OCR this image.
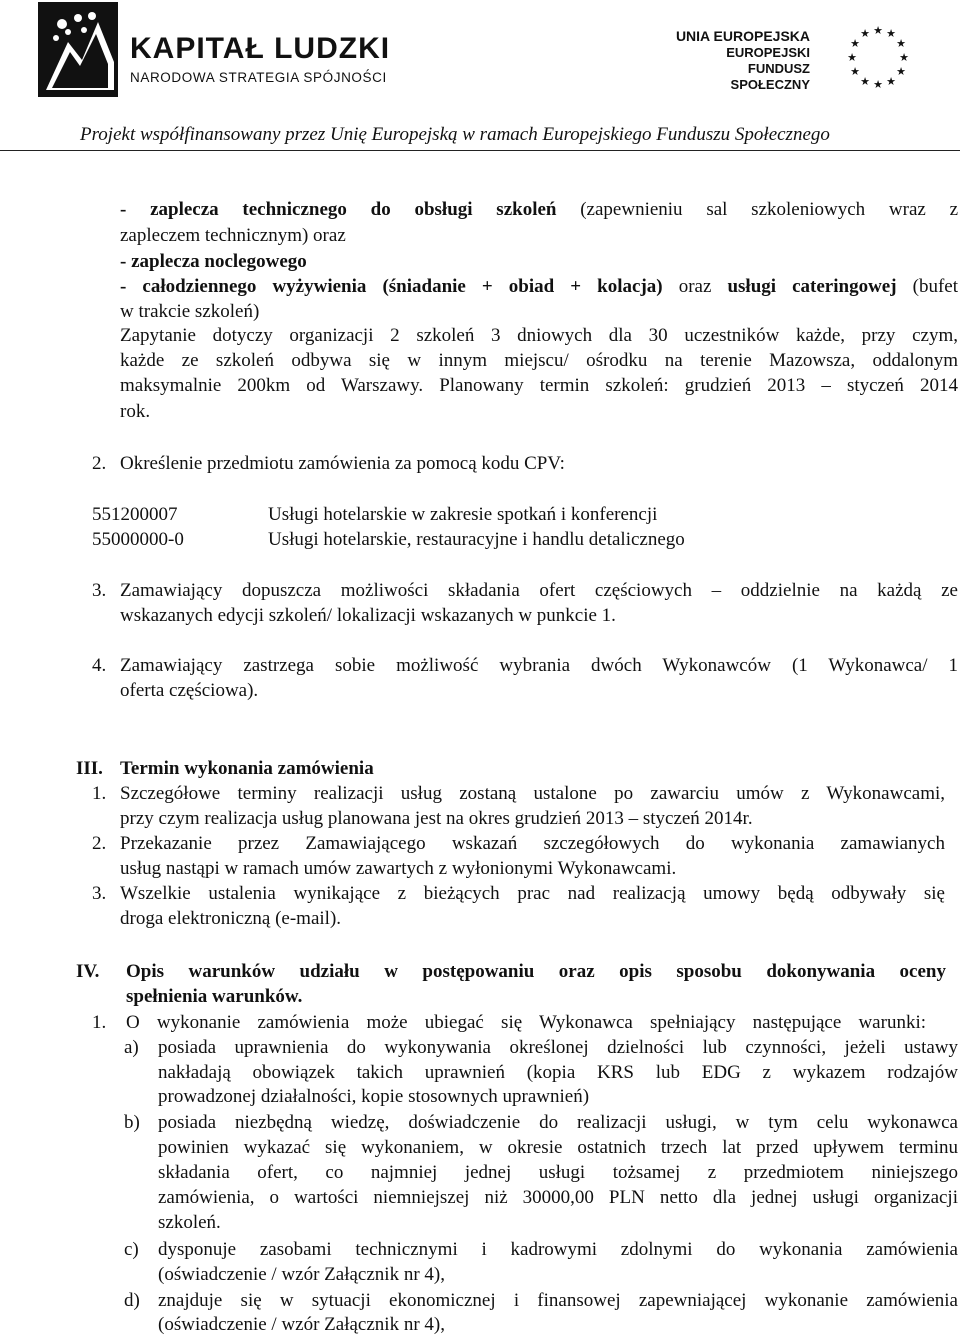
KAPITAŁ LUDZKI
NARODOWA STRATEGIA SPÓJNOŚCI
UNIA EUROPEJSKA
EUROPEJSKI
FUNDUSZ SPOŁECZNY
★ ★
★
★
★
★
★
★
★
★
★
★
Projekt współfinansowany przez Unię Europejską w ramach Europejskiego Funduszu Społecznego
- zaplecza technicznego do obsługi szkoleń (zapewnieniu sal szkoleniowych wraz z
zapleczem technicznym) oraz
- zaplecza noclegowego
- całodziennego wyżywienia (śniadanie + obiad + kolacja) oraz usługi cateringowej (bufet
w trakcie szkoleń)
Zapytanie dotyczy organizacji 2 szkoleń 3 dniowych dla 30 uczestników każde, przy czym,
każde ze szkoleń odbywa się w innym miejscu/ ośrodku na terenie Mazowsza, oddalonym
maksymalnie 200km od Warszawy. Planowany termin szkoleń: grudzień 2013 – styczeń 2014
rok.
2. Określenie przedmiotu zamówienia za pomocą kodu CPV:
551200007	Usługi hotelarskie w zakresie spotkań i konferencji
55000000-0	Usługi hotelarskie, restauracyjne i handlu detalicznego
3. Zamawiający dopuszcza możliwości składania ofert częściowych – oddzielnie na każdą ze
wskazanych edycji szkoleń/ lokalizacji wskazanych w punkcie 1.
4. Zamawiający zastrzega sobie możliwość wybrania dwóch Wykonawców (1 Wykonawca/ 1
oferta częściowa).
III. Termin wykonania zamówienia
1. Szczegółowe terminy realizacji usług zostaną ustalone po zawarciu umów z Wykonawcami,
przy czym realizacja usług planowana jest na okres grudzień 2013 – styczeń 2014r.
2. Przekazanie przez Zamawiającego wskazań szczegółowych do wykonania zamawianych
usług nastąpi w ramach umów zawartych z wyłonionymi Wykonawcami.
3. Wszelkie ustalenia wynikające z bieżących prac nad realizacją umowy będą odbywały się
droga elektroniczną (e-mail).
IV. Opis warunków udziału w postępowaniu oraz opis sposobu dokonywania oceny
spełnienia warunków.
1. O wykonanie zamówienia może ubiegać się Wykonawca spełniający następujące warunki:
a) posiada uprawnienia do wykonywania określonej dzielności lub czynności, jeżeli ustawy
nakładają obowiązek takich uprawnień (kopia KRS lub EDG z wykazem rodzajów
prowadzonej działalności, kopie stosownych uprawnień)
b) posiada niezbędną wiedzę, doświadczenie do realizacji usługi, w tym celu wykonawca
powinien wykazać się wykonaniem, w okresie ostatnich trzech lat przed upływem terminu
składania ofert, co najmniej jednej usługi tożsamej z przedmiotem niniejszego
zamówienia, o wartości niemniejszej niż 30000,00 PLN netto dla jednej usługi organizacji
szkoleń.
c) dysponuje zasobami technicznymi i kadrowymi zdolnymi do wykonania zamówienia
(oświadczenie / wzór Załącznik nr 4),
d) znajduje się w sytuacji ekonomicznej i finansowej zapewniającej wykonanie zamówienia
(oświadczenie / wzór Załącznik nr 4),
